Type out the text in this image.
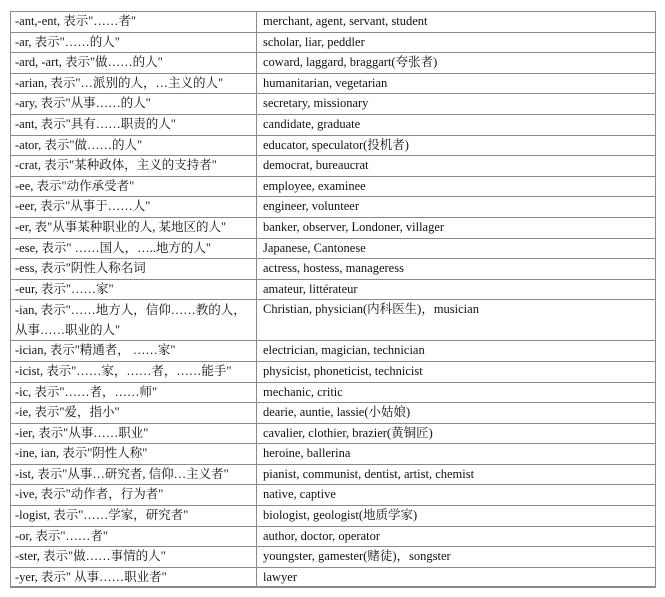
-ant,-ent, 表示"……者"	merchant, agent, servant, student
-ar, 表示"……的人"	scholar, liar, peddler
-ard, -art, 表示"做……的人"	coward, laggard, braggart(夸张者)
-arian, 表示"…派别的人，…主义的人"	humanitarian, vegetarian
-ary, 表示"从事……的人"	secretary, missionary
-ant, 表示"具有……职责的人"	candidate, graduate
-ator, 表示"做……的人"	educator, speculator(投机者)
-crat, 表示"某种政体，主义的支持者"	democrat, bureaucrat
-ee, 表示"动作承受者"	employee, examinee
-eer, 表示"从事于……人"	engineer, volunteer
-er, 表"从事某种职业的人, 某地区的人"	banker, observer, Londoner, villager
-ese, 表示" ……国人，…..地方的人"	Japanese, Cantonese
-ess, 表示"阴性人称名词	actress, hostess, manageress
-eur, 表示"……家"	amateur, littérateur
-ian, 表示"……地方人，信仰……教的人，从事……职业的人"	Christian, physician(内科医生)，musician
-ician, 表示"精通者， ……家"	electrician, magician, technician
-icist, 表示"……家，……者，……能手"	physicist, phoneticist, technicist
-ic, 表示"……者，……师"	mechanic, critic
-ie, 表示"爱，指小"	dearie, auntie, lassie(小姑娘)
-ier, 表示"从事……职业"	cavalier, clothier, brazier(黄铜匠)
-ine, ian, 表示"阴性人称"	heroine, ballerina
-ist, 表示"从事…研究者, 信仰…主义者"	pianist, communist, dentist, artist, chemist
-ive, 表示"动作者，行为者"	native, captive
-logist, 表示"……学家，研究者"	biologist, geologist(地质学家)
-or, 表示"……者"	author, doctor, operator
-ster, 表示"做……事情的人"	youngster, gamester(赌徒)，songster
-yer, 表示" 从事……职业者"	lawyer
